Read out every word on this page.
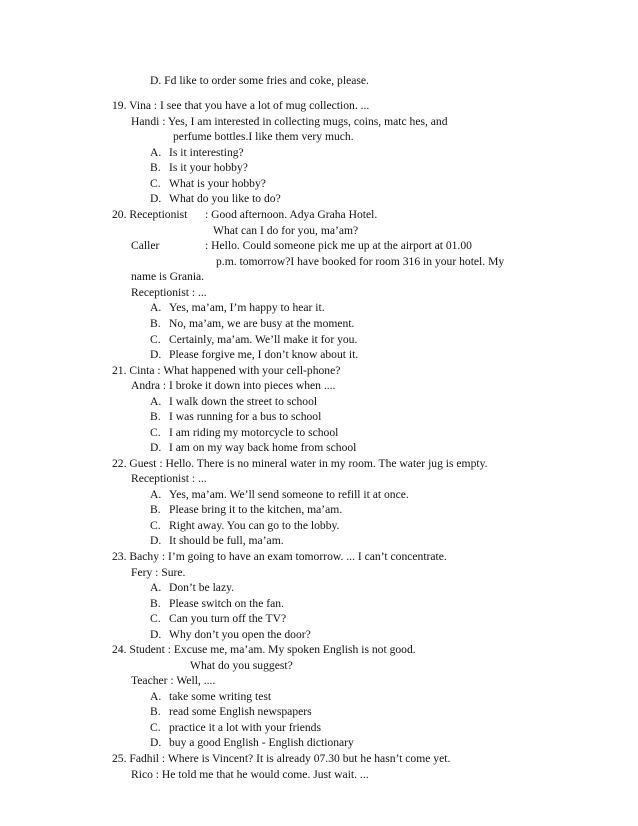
D. Fd like to order some fries and coke, please.
19. Vina : I see that you have a lot of mug collection. ...
Handi : Yes, I am interested in collecting mugs, coins, matc hes, and
perfume bottles.I like them very much.
A. Is it interesting?
B. Is it your hobby?
C. What is your hobby?
D. What do you like to do?
20. Receptionist : Good afternoon. Adya Graha Hotel.
What can I do for you, ma’am?
Caller	: Hello. Could someone pick me up at the airport at 01.00
p.m. tomorrow?I have booked for room 316 in your hotel. My
name is Grania.
Receptionist : ...
A. Yes, ma’am, I’m happy to hear it.
B. No, ma’am, we are busy at the moment.
C. Certainly, ma’am. We’ll make it for you.
D. Please forgive me, I don’t know about it.
21. Cinta : What happened with your cell-phone?
Andra : I broke it down into pieces when ....
A. I walk down the street to school
B. I was running for a bus to school
C. I am riding my motorcycle to school
D. I am on my way back home from school
22. Guest : Hello. There is no mineral water in my room. The water jug is empty.
Receptionist : ...
A. Yes, ma’am. We’ll send someone to refill it at once.
B. Please bring it to the kitchen, ma’am.
C. Right away. You can go to the lobby.
D. It should be full, ma’am.
23. Bachy : I’m going to have an exam tomorrow. ... I can’t concentrate.
Fery : Sure.
A. Don’t be lazy.
B. Please switch on the fan.
C. Can you turn off the TV?
D. Why don’t you open the door?
24. Student : Excuse me, ma’am. My spoken English is not good.
What do you suggest?
Teacher : Well, ....
A. take some writing test
B. read some English newspapers
C. practice it a lot with your friends
D. buy a good English - English dictionary
25. Fadhil : Where is Vincent? It is already 07.30 but he hasn’t come yet.
Rico : He told me that he would come. Just wait. ...
